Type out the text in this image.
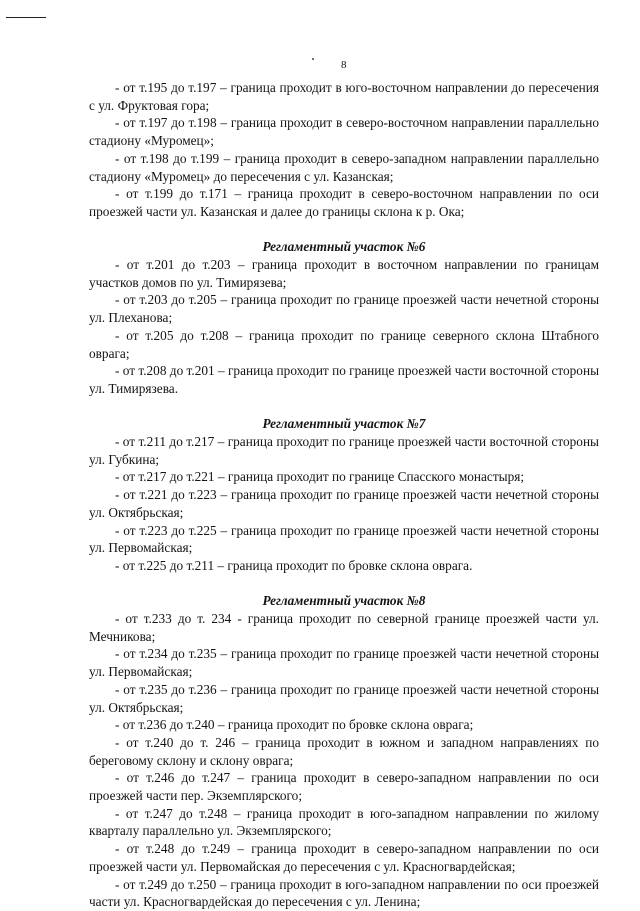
8

- от т.195 до т.197 – граница проходит в юго-восточном направлении до пересечения с ул. Фруктовая гора;

- от т.197 до т.198 – граница проходит в северо-восточном направлении параллельно стадиону «Муромец»;

- от т.198 до т.199 – граница проходит в северо-западном направлении параллельно стадиону «Муромец» до пересечения с ул. Казанская;

- от т.199 до т.171 – граница проходит в северо-восточном направлении по оси проезжей части ул. Казанская и далее до границы склона к р. Ока;

Регламентный участок №6

- от т.201 до т.203 – граница проходит в восточном направлении по границам участков домов по ул. Тимирязева;

- от т.203 до т.205 – граница проходит по границе проезжей части нечетной стороны ул. Плеханова;

- от т.205 до т.208 – граница проходит по границе северного склона Штабного оврага;

- от т.208 до т.201 – граница проходит по границе проезжей части восточной стороны ул. Тимирязева.

Регламентный участок №7

- от т.211 до т.217 – граница проходит по границе проезжей части восточной стороны ул. Губкина;

- от т.217 до т.221 – граница проходит по границе Спасского монастыря;

- от т.221 до т.223 – граница проходит по границе проезжей части нечетной стороны ул. Октябрьская;

- от т.223 до т.225 – граница проходит по границе проезжей части нечетной стороны ул. Первомайская;

- от т.225 до т.211 – граница проходит по бровке склона оврага.

Регламентный участок №8

- от т.233 до т. 234 - граница проходит по северной границе проезжей части ул. Мечникова;

- от т.234 до т.235 – граница проходит по границе проезжей части нечетной стороны ул. Первомайская;

- от т.235 до т.236 – граница проходит по границе проезжей части нечетной стороны ул. Октябрьская;

- от т.236 до т.240 – граница проходит по бровке склона оврага;

- от т.240 до т. 246 – граница проходит в южном и западном направлениях по береговому склону и склону оврага;

- от т.246 до т.247 – граница проходит в северо-западном направлении по оси проезжей части пер. Экземплярского;

- от т.247 до т.248 – граница проходит в юго-западном направлении по жилому кварталу параллельно ул. Экземплярского;

- от т.248 до т.249 – граница проходит в северо-западном направлении по оси проезжей части ул. Первомайская до пересечения с ул. Красногвардейская;

- от т.249 до т.250 – граница проходит в юго-западном направлении по оси проезжей части ул. Красногвардейская до пересечения с ул. Ленина;
